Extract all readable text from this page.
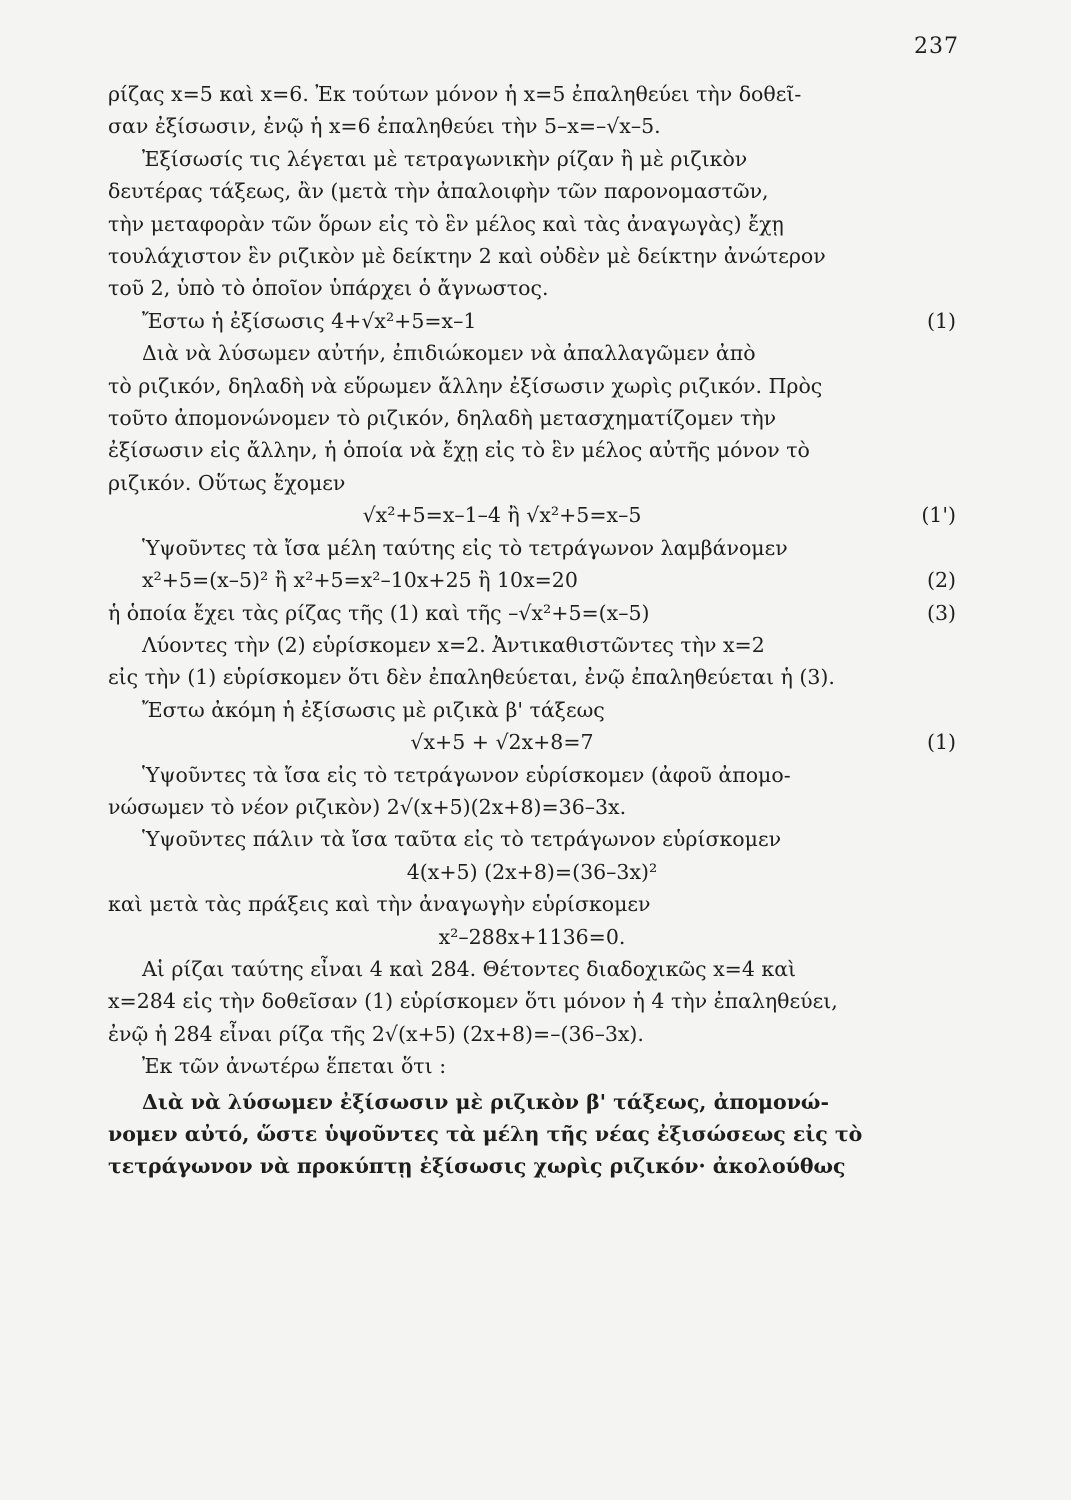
237
ρίζας x=5 καὶ x=6. Ἐκ τούτων μόνον ἡ x=5 ἐπαληθεύει τὴν δοθεῖ-
σαν ἐξίσωσιν, ἐνῷ ἡ x=6 ἐπαληθεύει τὴν 5–x=–√x–5.
Ἐξίσωσίς τις λέγεται μὲ τετραγωνικὴν ρίζαν ἢ μὲ ριζικὸν
δευτέρας τάξεως, ἂν (μετὰ τὴν ἀπαλοιφὴν τῶν παρονομαστῶν,
τὴν μεταφορὰν τῶν ὅρων εἰς τὸ ἓν μέλος καὶ τὰς ἀναγωγὰς) ἔχῃ
τουλάχιστον ἓν ριζικὸν μὲ δείκτην 2 καὶ οὐδὲν μὲ δείκτην ἀνώτερον
τοῦ 2, ὑπὸ τὸ ὁποῖον ὑπάρχει ὁ ἄγνωστος.
Ἔστω ἡ ἐξίσωσις 4+√x²+5=x–1	(1)
Διὰ νὰ λύσωμεν αὐτήν, ἐπιδιώκομεν νὰ ἀπαλλαγῶμεν ἀπὸ
τὸ ριζικόν, δηλαδὴ νὰ εὕρωμεν ἄλλην ἐξίσωσιν χωρὶς ριζικόν. Πρὸς
τοῦτο ἀπομονώνομεν τὸ ριζικόν, δηλαδὴ μετασχηματίζομεν τὴν
ἐξίσωσιν εἰς ἄλλην, ἡ ὁποία νὰ ἔχῃ εἰς τὸ ἓν μέλος αὐτῆς μόνον τὸ
ριζικόν. Οὕτως ἔχομεν
√x²+5=x–1–4 ἢ √x²+5=x–5	(1')
Ὑψοῦντες τὰ ἴσα μέλη ταύτης εἰς τὸ τετράγωνον λαμβάνομεν
x²+5=(x–5)² ἢ x²+5=x²–10x+25 ἢ 10x=20	(2)
ἡ ὁποία ἔχει τὰς ρίζας τῆς (1) καὶ τῆς –√x²+5=(x–5)	(3)
Λύοντες τὴν (2) εὑρίσκομεν x=2. Ἀντικαθιστῶντες τὴν x=2
εἰς τὴν (1) εὑρίσκομεν ὅτι δὲν ἐπαληθεύεται, ἐνῷ ἐπαληθεύεται ἡ (3).
Ἔστω ἀκόμη ἡ ἐξίσωσις μὲ ριζικὰ β' τάξεως
√x+5 + √2x+8=7	(1)
Ὑψοῦντες τὰ ἴσα εἰς τὸ τετράγωνον εὑρίσκομεν (ἀφοῦ ἀπομο-
νώσωμεν τὸ νέον ριζικὸν) 2√(x+5)(2x+8)=36–3x.
Ὑψοῦντες πάλιν τὰ ἴσα ταῦτα εἰς τὸ τετράγωνον εὑρίσκομεν
4(x+5) (2x+8)=(36–3x)²
καὶ μετὰ τὰς πράξεις καὶ τὴν ἀναγωγὴν εὑρίσκομεν
x²–288x+1136=0.
Αἱ ρίζαι ταύτης εἶναι 4 καὶ 284. Θέτοντες διαδοχικῶς x=4 καὶ
x=284 εἰς τὴν δοθεῖσαν (1) εὑρίσκομεν ὅτι μόνον ἡ 4 τὴν ἐπαληθεύει,
ἐνῷ ἡ 284 εἶναι ρίζα τῆς 2√(x+5) (2x+8)=–(36–3x).
Ἐκ τῶν ἀνωτέρω ἕπεται ὅτι :
Διὰ νὰ λύσωμεν ἐξίσωσιν μὲ ριζικὸν β' τάξεως, ἀπομονώ-
νομεν αὐτό, ὥστε ὑψοῦντες τὰ μέλη τῆς νέας ἐξισώσεως εἰς τὸ
τετράγωνον νὰ προκύπτῃ ἐξίσωσις χωρὶς ριζικόν· ἀκολούθως
